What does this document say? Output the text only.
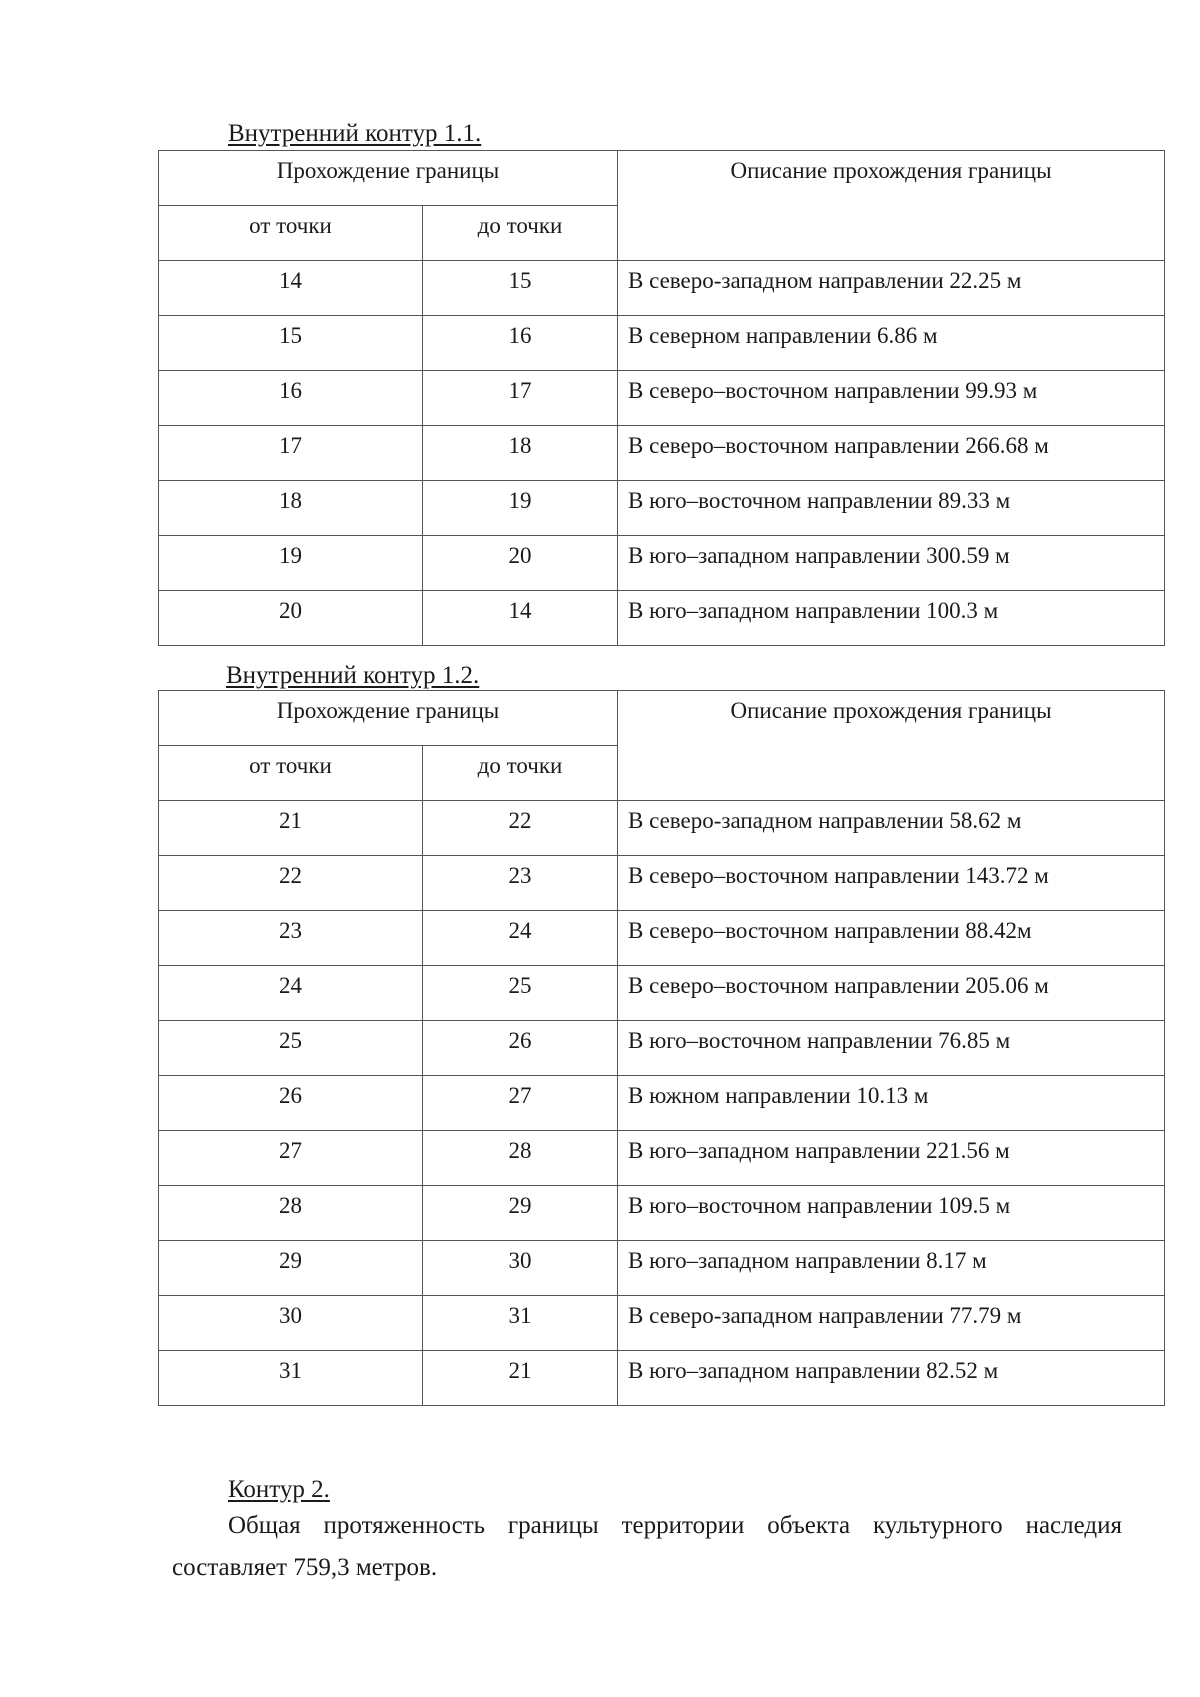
Внутренний контур 1.1.
Прохождение границы		Описание прохождения границы
от точки	до точки	
14	15	В северо-западном направлении 22.25 м
15	16	В северном направлении 6.86 м
16	17	В северо–восточном направлении 99.93 м
17	18	В северо–восточном направлении 266.68 м
18	19	В юго–восточном направлении 89.33 м
19	20	В юго–западном направлении 300.59 м
20	14	В юго–западном направлении 100.3 м
Внутренний контур 1.2.
Прохождение границы		Описание прохождения границы
от точки	до точки	
21	22	В северо-западном направлении 58.62 м
22	23	В северо–восточном направлении 143.72 м
23	24	В северо–восточном направлении 88.42м
24	25	В северо–восточном направлении 205.06 м
25	26	В юго–восточном направлении 76.85 м
26	27	В южном направлении 10.13 м
27	28	В юго–западном направлении 221.56 м
28	29	В юго–восточном направлении 109.5 м
29	30	В юго–западном направлении 8.17 м
30	31	В северо-западном направлении 77.79 м
31	21	В юго–западном направлении 82.52 м
Контур 2.
Общая протяженность границы территории объекта культурного наследия составляет 759,3 метров.
